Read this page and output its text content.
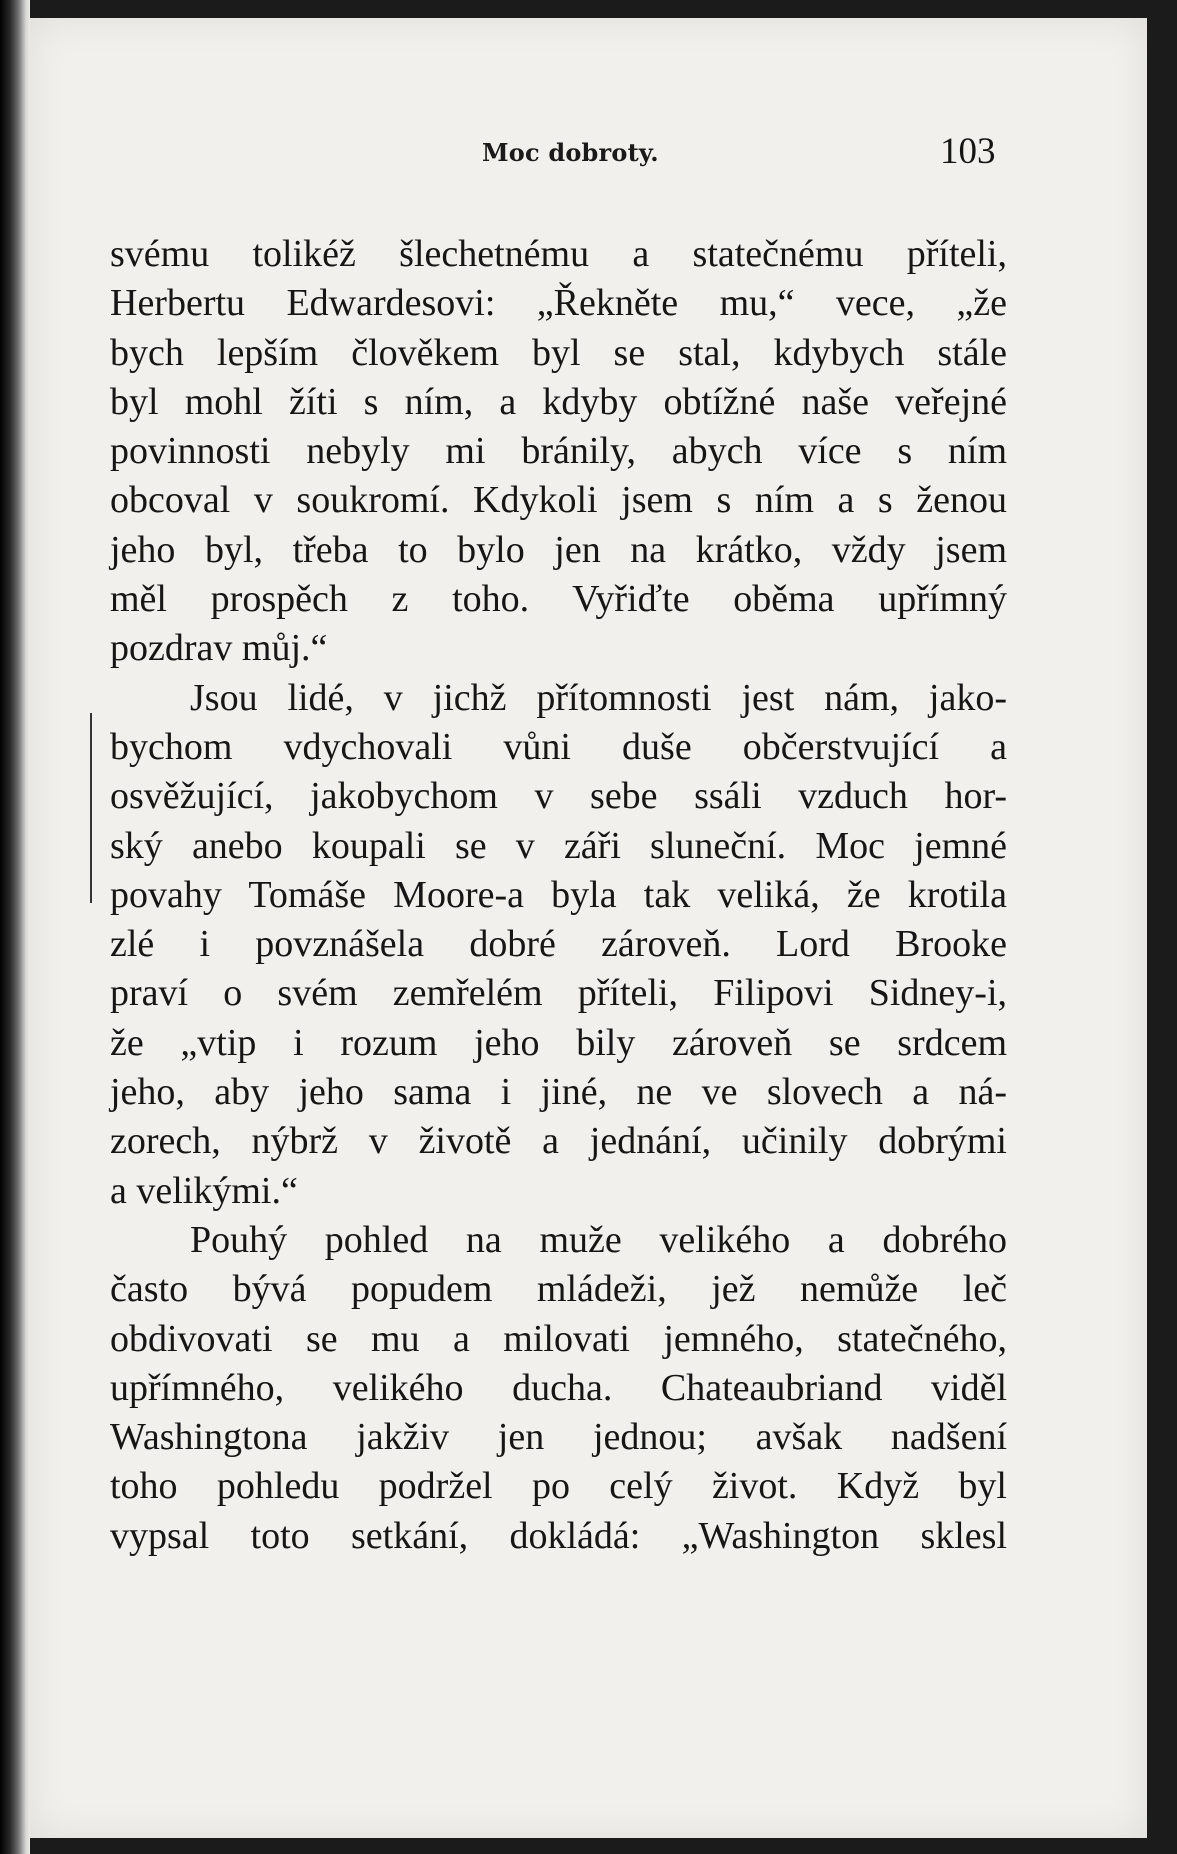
Moc dobroty.	103
svému tolikéž šlechetnému a statečnému příteli,
Herbertu Edwardesovi: „Řekněte mu,“ vece, „že
bych lepším člověkem byl se stal, kdybych stále
byl mohl žíti s ním, a kdyby obtížné naše veřejné
povinnosti nebyly mi bránily, abych více s ním
obcoval v soukromí. Kdykoli jsem s ním a s ženou
jeho byl, třeba to bylo jen na krátko, vždy jsem
měl prospěch z toho. Vyřiďte oběma upřímný
pozdrav můj.“
Jsou lidé, v jichž přítomnosti jest nám, jako-
bychom vdychovali vůni duše občerstvující a
osvěžující, jakobychom v sebe ssáli vzduch hor-
ský anebo koupali se v záři sluneční. Moc jemné
povahy Tomáše Moore-a byla tak veliká, že krotila
zlé i povznášela dobré zároveň. Lord Brooke
praví o svém zemřelém příteli, Filipovi Sidney-i,
že „vtip i rozum jeho bily zároveň se srdcem
jeho, aby jeho sama i jiné, ne ve slovech a ná-
zorech, nýbrž v životě a jednání, učinily dobrými
a velikými.“
Pouhý pohled na muže velikého a dobrého
často bývá popudem mládeži, jež nemůže leč
obdivovati se mu a milovati jemného, statečného,
upřímného, velikého ducha. Chateaubriand viděl
Washingtona jakživ jen jednou; avšak nadšení
toho pohledu podržel po celý život. Když byl
vypsal toto setkání, dokládá: „Washington sklesl
